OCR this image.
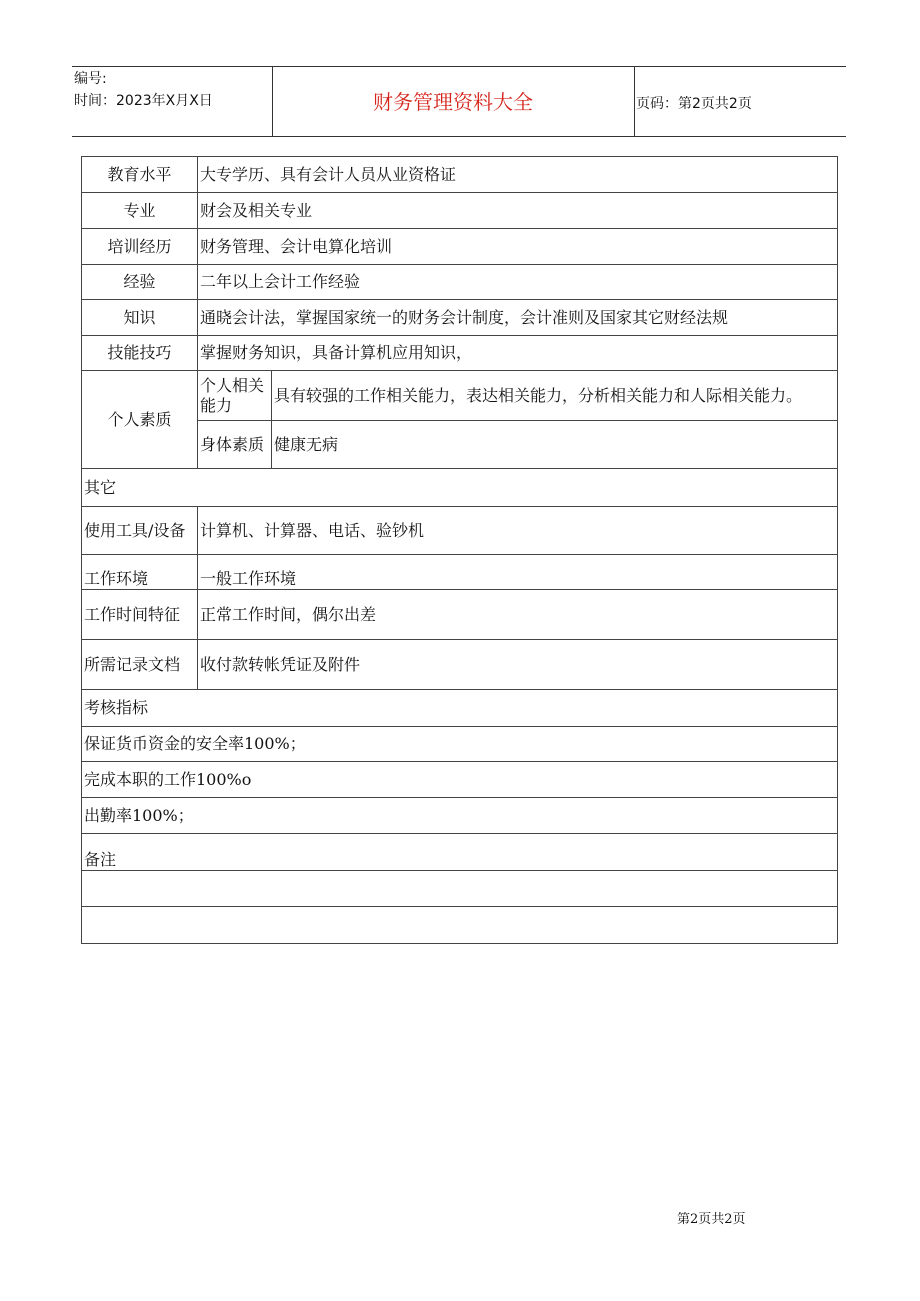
编号:
时间：2023年X月X日	财务管理资料大全	页码：第2页共2页
教育水平	大专学历、具有会计人员从业资格证	
专业	财会及相关专业	
培训经历	财务管理、会计电算化培训	
经验	二年以上会计工作经验	
知识	通晓会计法，掌握国家统一的财务会计制度，会计准则及国家其它财经法规	
技能技巧	掌握财务知识，具备计算机应用知识，	
个人素质	个人相关能力	具有较强的工作相关能力，表达相关能力，分析相关能力和人际相关能力。
	身体素质	健康无病
其它		
使用工具/设备	计算机、计算器、电话、验钞机	
工作环境	一般工作环境	
工作时间特征	正常工作时间，偶尔出差	
所需记录文档	收付款转帐凭证及附件	
考核指标		
保证货币资金的安全率100%；		
完成本职的工作100%o		
出勤率100%；		
备注		

第2页共2页
